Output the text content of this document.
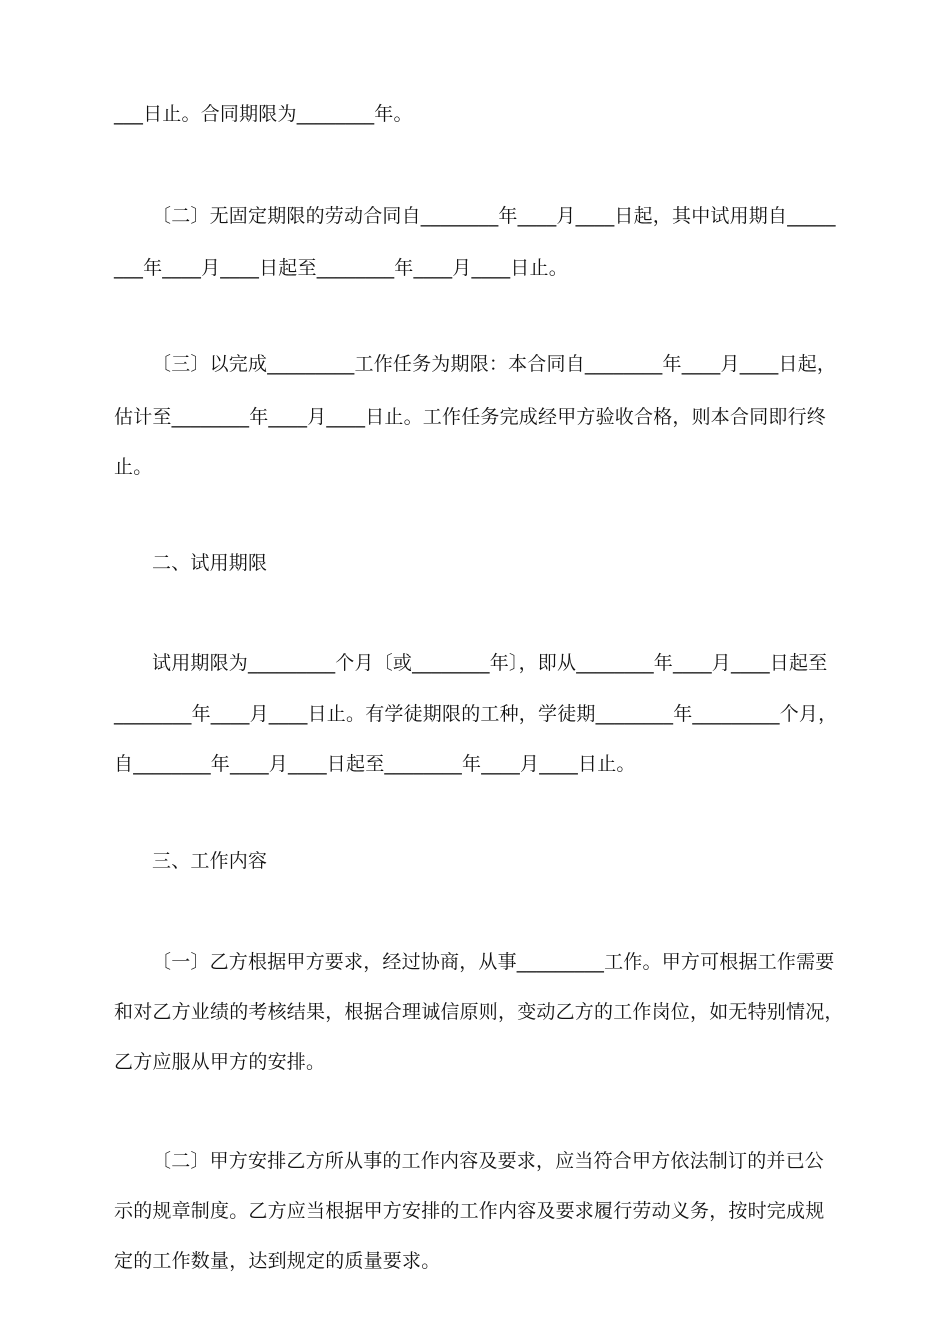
___日止。合同期限为________年。
〔二〕无固定期限的劳动合同自________年____月____日起，其中试用期自_____
___年____月____日起至________年____月____日止。
〔三〕以完成_________工作任务为期限：本合同自________年____月____日起，
估计至________年____月____日止。工作任务完成经甲方验收合格，则本合同即行终
止。
二、试用期限
试用期限为_________个月〔或________年〕，即从________年____月____日起至
________年____月____日止。有学徒期限的工种，学徒期________年_________个月，
自________年____月____日起至________年____月____日止。
三、工作内容
〔一〕乙方根据甲方要求，经过协商，从事_________工作。甲方可根据工作需要
和对乙方业绩的考核结果，根据合理诚信原则，变动乙方的工作岗位，如无特别情况，
乙方应服从甲方的安排。
〔二〕甲方安排乙方所从事的工作内容及要求，应当符合甲方依法制订的并已公
示的规章制度。乙方应当根据甲方安排的工作内容及要求履行劳动义务，按时完成规
定的工作数量，达到规定的质量要求。
